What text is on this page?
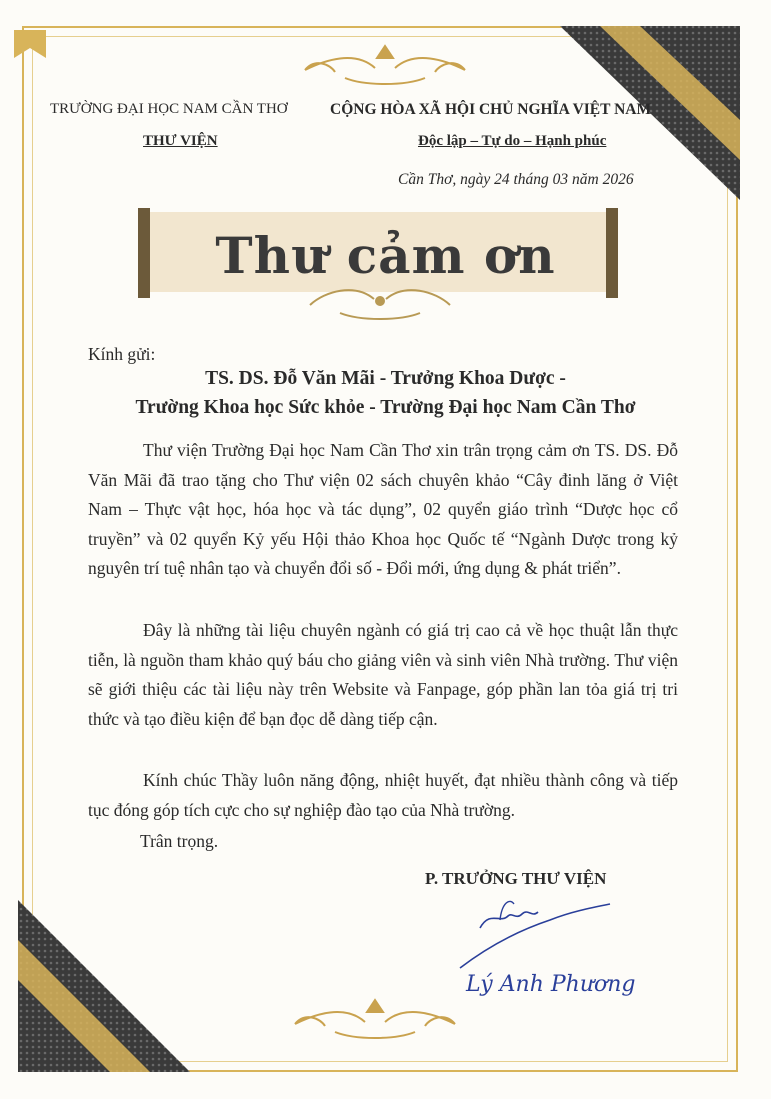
TRƯỜNG ĐẠI HỌC NAM CẦN THƠ
THƯ VIỆN
CỘNG HÒA XÃ HỘI CHỦ NGHĨA VIỆT NAM
Độc lập – Tự do – Hạnh phúc
Cần Thơ, ngày 24 tháng 03 năm 2026
Thư cảm ơn
Kính gửi:
TS. DS. Đỗ Văn Mãi - Trưởng Khoa Dược -
Trường Khoa học Sức khỏe - Trường Đại học Nam Cần Thơ
Thư viện Trường Đại học Nam Cần Thơ xin trân trọng cảm ơn TS. DS. Đỗ Văn Mãi đã trao tặng cho Thư viện 02 sách chuyên khảo “Cây đinh lăng ở Việt Nam – Thực vật học, hóa học và tác dụng”, 02 quyển giáo trình “Dược học cổ truyền” và 02 quyển Kỷ yếu Hội thảo Khoa học Quốc tế “Ngành Dược trong kỷ nguyên trí tuệ nhân tạo và chuyển đổi số - Đổi mới, ứng dụng & phát triển”.
Đây là những tài liệu chuyên ngành có giá trị cao cả về học thuật lẫn thực tiễn, là nguồn tham khảo quý báu cho giảng viên và sinh viên Nhà trường. Thư viện sẽ giới thiệu các tài liệu này trên Website và Fanpage, góp phần lan tỏa giá trị tri thức và tạo điều kiện để bạn đọc dễ dàng tiếp cận.
Kính chúc Thầy luôn năng động, nhiệt huyết, đạt nhiều thành công và tiếp tục đóng góp tích cực cho sự nghiệp đào tạo của Nhà trường.
Trân trọng.
P. TRƯỞNG THƯ VIỆN
Lý Anh Phương
